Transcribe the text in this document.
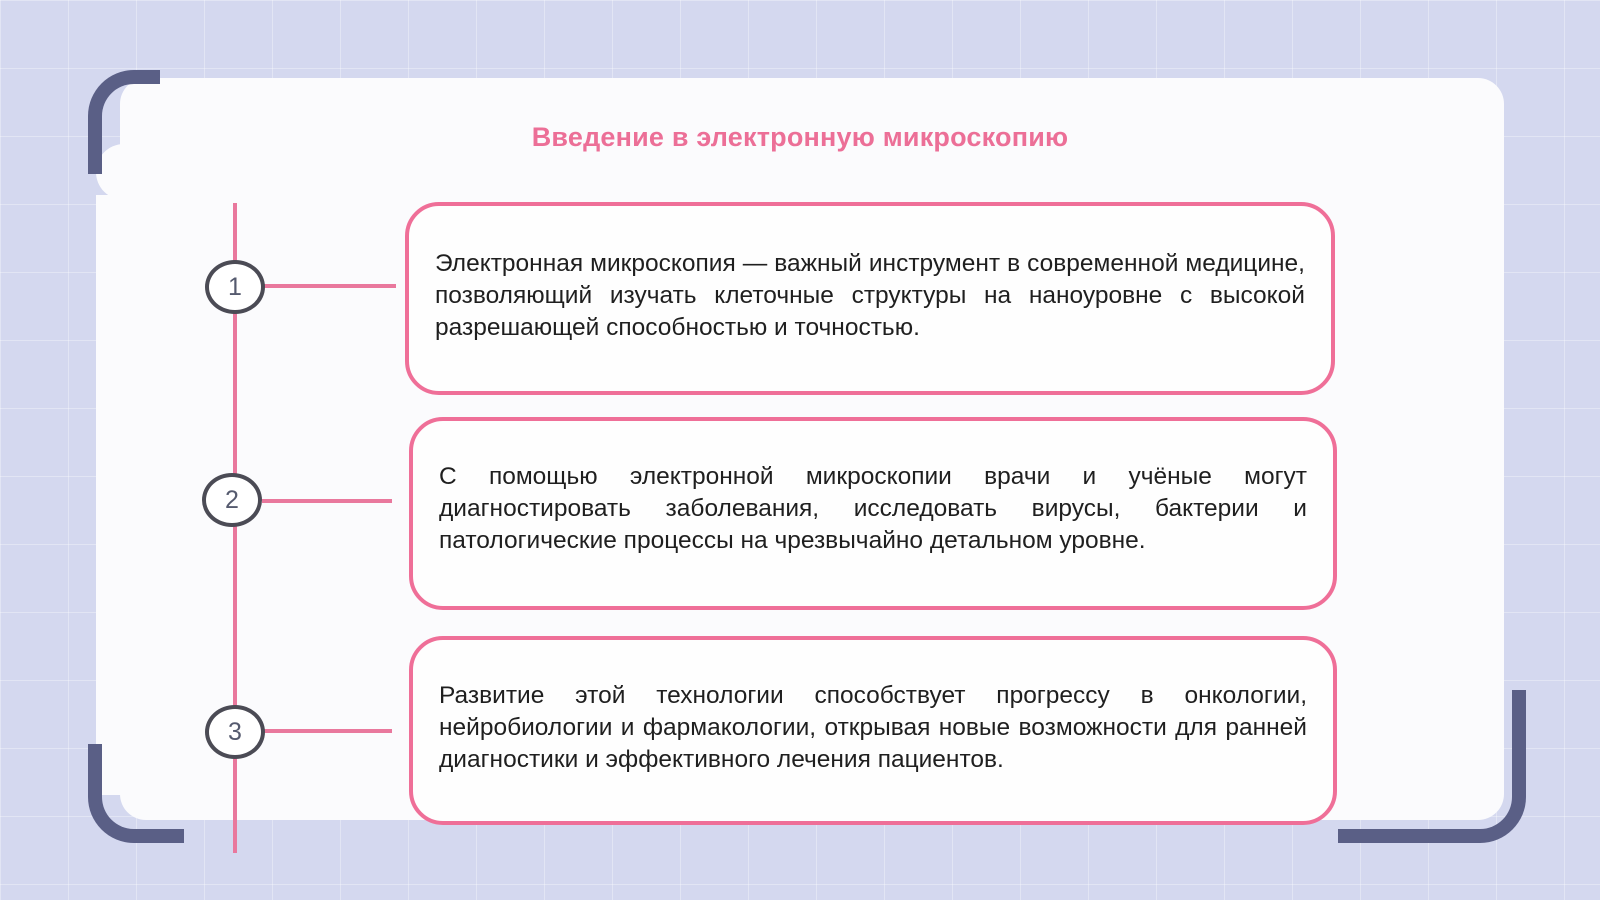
Введение в электронную микроскопию
1

Электронная микроскопия — важный инструмент в современной медицине, позволяющий изучать клеточные структуры на наноуровне с высокой разрешающей способностью и точностью.

2

С помощью электронной микроскопии врачи и учёные могут диагностировать заболевания, исследовать вирусы, бактерии и патологические процессы на чрезвычайно детальном уровне.

3

Развитие этой технологии способствует прогрессу в онкологии, нейробиологии и фармакологии, открывая новые возможности для ранней диагностики и эффективного лечения пациентов.
